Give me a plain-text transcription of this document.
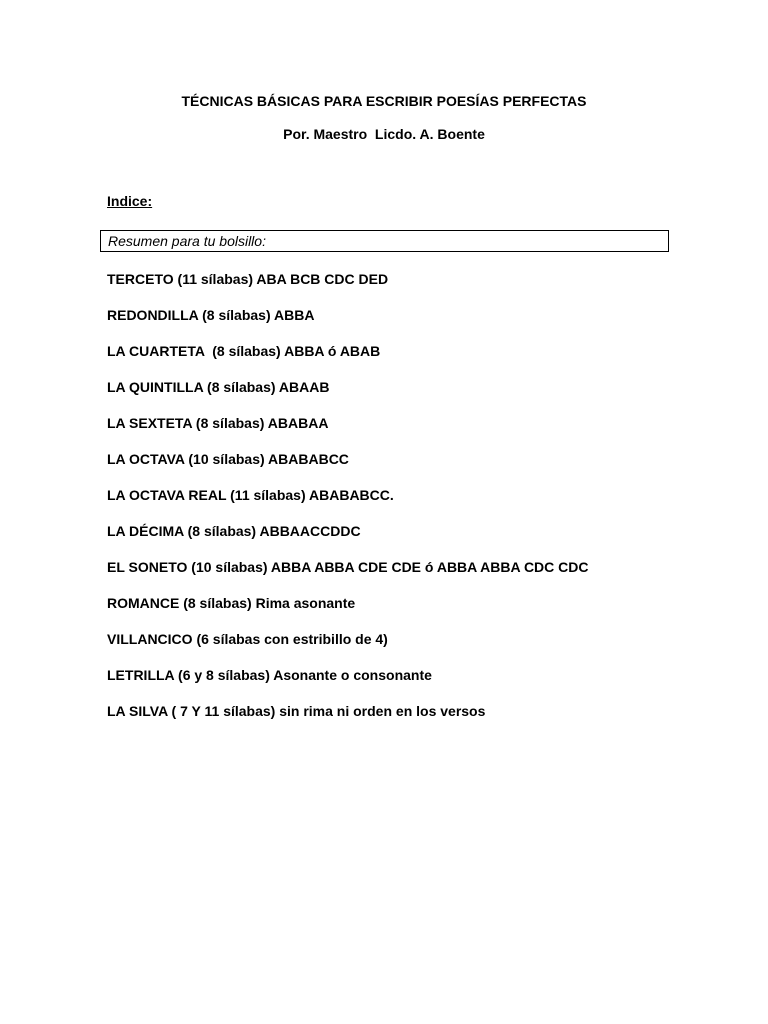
TÉCNICAS BÁSICAS PARA ESCRIBIR POESÍAS PERFECTAS
Por. Maestro  Licdo. A. Boente
Indice:
Resumen para tu bolsillo:
TERCETO (11 sílabas) ABA BCB CDC DED
REDONDILLA (8 sílabas) ABBA
LA CUARTETA  (8 sílabas) ABBA ó ABAB
LA QUINTILLA (8 sílabas) ABAAB
LA SEXTETA (8 sílabas) ABABAA
LA OCTAVA (10 sílabas) ABABABCC
LA OCTAVA REAL (11 sílabas) ABABABCC.
LA DÉCIMA (8 sílabas) ABBAACCDDC
EL SONETO (10 sílabas) ABBA ABBA CDE CDE ó ABBA ABBA CDC CDC
ROMANCE (8 sílabas) Rima asonante
VILLANCICO (6 sílabas con estribillo de 4)
LETRILLA (6 y 8 sílabas) Asonante o consonante
LA SILVA ( 7 Y 11 sílabas) sin rima ni orden en los versos
